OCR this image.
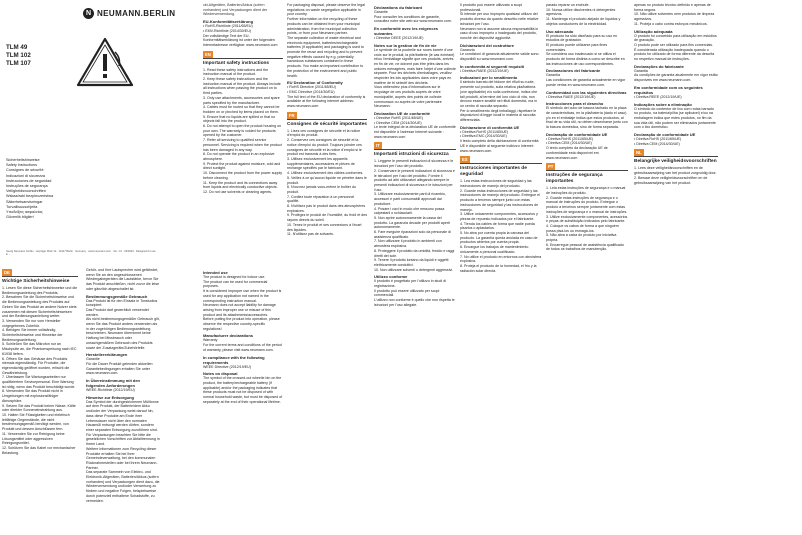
N NEUMANN.BERLIN
TLM 49
TLM 102
TLM 107
Sicherheitshinweise
Safety instructions
Consignes de sécurité
Indicazioni di sicurezza
Instrucciones de seguridad
Instruções de segurança
Veiligheidsvoorschriften
Wskazówki bezpieczeństwa
Säkerhetsanvisningar
Turvallisuusohjeita
Υποδείξεις ασφαλείας
Güvenlik bilgileri
Georg Neumann GmbH · Leipziger Platz 12 · 10117 Berlin · Germany · www.neumann.com · Ver. 1.0 · 03/2023 · Designed for use in ...
DE
Wichtige Sicherheitshinweise
1. Lesen Sie diese Sicherheitshinweise und die Bedienungsanleitung des Produkts.
2. Bewahren Sie die Sicherheitshinweise und die Bedienungsanleitung des Produkts auf. Geben Sie das Produkt an andere Nutzer stets zusammen mit diesen Sicherheitshinweisen und der Bedienungsanleitung weiter.
3. Verwenden Sie nur vom Hersteller vorgegebenes Zubehör.
4. Befolgen Sie immer vollständig Sicherheitshinweise und Hinweise der Bedienungsanleitung.
5. Schließen Sie das Mikrofon nur an Mischpulte an, die Phantomspeisung nach IEC 61938 liefern.
6. Öffnen Sie das Gehäuse des Produkts niemals eigenständig. Für Produkte, die eigenmächtig geöffnet wurden, erlischt die Gewährleistung.
7. Überlassen Sie Wartungsarbeiten nur qualifiziertem Servicepersonal. Eine Wartung ist nötig, wenn das Produkt beschädigt wurde.
8. Verwenden Sie das Produkt nicht in Umgebungen mit explosionsfähiger Atmosphäre.
9. Setzen Sie das Produkt keiner Nässe, Kälte oder direkter Sonneneinstrahlung aus.
10. Halten Sie Flüssigkeiten und elektrisch leitfähige Gegenstände, die nicht bestimmungsgemäß benötigt werden, von Produkt und dessen Anschlüssen fern.
11. Verwenden Sie zur Reinigung keine Lösungsmittel oder aggressiven Reinigungsmittel.
12. Schützen Sie das Kabel vor mechanischer Belastung.
Gehör- und Ihre Lautsprecher wird gefährdet, wenn Sie an den angeschlossenen Wiedergabegeräten die Lautstärke, bevor Sie das Produkt anschließen, nicht zuvor die leise oder gänzlich abgeschaltet ist.
Bestimmungsgemäße Gebrauch
Das Produkt ist für den Einsatz in Tonstudios konzipiert.
Das Produkt darf gewerblich verwendet werden.
Als nicht bestimmungsgemäßer Gebrauch gilt, wenn Sie das Produkt anders verwenden als in der zugehörigen Bedienungsanleitung beschrieben. Neumann übernimmt keine Haftung bei Missbrauch oder unsachgemäßem Gebrauch des Produkts sowie der Zusatzgeräte/Zubehörteile.
Herstellererklärungen
Garantie
Für die Dauer Produkt gelenden aktuellen Garantiebedingungen erhalten Sie unter www.neumann.com.
In Übereinstimmung mit den folgenden Anforderungen
WEEE-Richtlinie (2012/19/EU)
Hinweise zur Entsorgung
Das Symbol der durchgestrichenen Mülltonne auf dem Produkt, der Batterie/dem Akku und/oder der Verpackung weist darauf hin, dass diese Produkte am Ende ihrer Lebensdauer nicht über den normalen Hausmüll entsorgt werden dürfen, sondern einer separaten Entsorgung zuzuführen sind. Für Verpackungen beachten Sie bitte die gesetzlichen Vorschriften zur Abfalltrennung in Ihrem Land.
Weitere Informationen zum Recycling dieser Produkte erhalten Sie bei Ihrer Gemeindeverwaltung, bei den kommunalen Rücknahmestellen oder bei Ihrem Neumann-Partner.
Das separate Sammeln von Elektro- und Elektronik-Altgeräten, Batterien/Akkus (sofern vorhanden) und Verpackungen dient dazu, die Wiederverwendung und/oder Verwertung zu fördern und negative Folgen, beispielsweise durch potenziell enthaltene Schadstoffe, zu vermeiden.
ckt-Altgeräten, Batterien/Akkus (sofern vorhanden) und Verpackungen dient der Wiederverwendung.
EU-Konformitätserklärung
• RoHS-Richtlinie (2011/65/EU)
• EMV-Richtlinie (2014/30/EU)
Der vollständige Text der EU-Konformitätserklärung ist unter der folgenden Internetadresse verfügbar: www.neumann.com
EN
Important safety instructions
1. Read these safety instructions and the instruction manual of the product.
2. Keep these safety instructions and the instruction manual of the product. Always include all instructions when passing the product on to third parties.
3. Only use attachments, accessories and spare parts specified by the manufacturer.
4. Cables must be routed so that they cannot be trodden on or pinched by items placed on them.
5. Ensure that no liquids are spilled or that no objects fall into the product.
6. Do not attempt to open the product housing on your own. The warranty is voided for products opened by the customer.
7. Refer all servicing to qualified service personnel. Servicing is required when the product has been damaged in any way.
8. Do not operate the product in an explosive atmosphere.
9. Protect the product against moisture, cold and direct sunlight.
10. Disconnect the product from the power supply before cleaning.
11. Keep the product and its connections away from liquids and electrically conductive objects.
12. Do not use solvents or cleaning agents.
Intended use
The product is designed for indoor use.
The product can be used for commercial purposes.
It is considered improper use when the product is used for any application not named in the corresponding instruction manual.
Neumann does not accept liability for damage arising from improper use or misuse of this product and its attachments/accessories.
Before putting the product into operation, please observe the respective country-specific regulations!
Manufacturer declarations
Warranty
For the current terms and conditions of the period of warranty, please visit www.neumann.com.
In compliance with the following requirements
WEEE Directive (2012/19/EU)
Notes on disposal
The symbol of the crossed-out wheelie bin on the product, the battery/rechargeable battery (if applicable) and/or the packaging indicates that these products must not be disposed of with normal household waste, but must be disposed of separately at the end of their operational lifetime.
For packaging disposal, please observe the legal regulations on waste segregation applicable in your country.
Further information on the recycling of these products can be obtained from your municipal administration, from the municipal collection points, or from your Neumann partner.
The separate collection of waste electrical and electronic equipment, batteries/rechargeable batteries (if applicable) and packaging is used to promote the reuse and recycling and to prevent negative effects caused by e.g. potentially hazardous substances contained in these products. You make an important contribution to the protection of the environment and public health.
EU Declaration of Conformity
• RoHS Directive (2011/65/EU)
• EMC Directive (2014/30/EU)
The full text of the EU declaration of conformity is available at the following internet address: www.neumann.com
FR
Consignes de sécurité importantes
1. Lisez ces consignes de sécurité et la notice d'emploi du produit.
2. Conservez ces consignes de sécurité et la notice d'emploi du produit. Toujours joindre ces consignes de sécurité et la notice d'emploi si le produit est transmis à des tiers.
3. Utilisez exclusivement les appareils supplémentaires, accessoires et pièces de rechange spécifiés par le fabricant.
4. Utilisez exclusivement des câbles conformes.
5. Veillez à ce qu'aucun liquide ne pénètre dans le produit.
6. N'ouvrez jamais vous-même le boîtier du produit.
7. Confiez toute réparation à un personnel qualifié.
8. N'utilisez pas le produit dans des atmosphères explosives.
9. Protégez le produit de l'humidité, du froid et des rayons directs du soleil.
10. Tenez le produit et ses connexions à l'écart des liquides.
11. N'utilisez pas de solvants.
Déclarations du fabricant
Garantie
Pour consulter les conditions de garantie, consultez notre site web sur www.neumann.com.
En conformité avec les exigences suivantes
• Directive DEEE (2012/19/UE)
Notes sur la gestion de fin de vie
Le symbole de la poubelle sur roues barrée d'une croix sur le produit, la pile/batterie (le cas échéant) et/ou l'emballage signifie que ces produits, arrivés en fin de vie, ne doivent pas être jetés dans les ordures ménagères, mais faire l'objet d'une collecte séparée. Pour les déchets d'emballages, veuillez respecter les lois applicables dans votre pays en matière de tri sélectif des déchets.
Vous obtiendrez plus d'informations sur le recyclage de ces produits auprès de votre municipalité, auprès des points de collecte communaux ou auprès de votre partenaire Neumann.
Déclaration UE de conformité
• Directive RoHS (2011/65/UE)
• Directive CEM (2014/30/UE)
Le texte intégral de la déclaration UE de conformité est disponible à l'adresse Internet suivante : www.neumann.com
IT
Importanti istruzioni di sicurezza
1. Leggere le presenti indicazioni di sicurezza e le istruzioni per l'uso del prodotto.
2. Conservare le presenti indicazioni di sicurezza e le istruzioni per l'uso del prodotto. Fornire il prodotto ad altri utilizzatori allegando sempre le presenti indicazioni di sicurezza e le istruzioni per l'uso.
3. Utilizzare esclusivamente parti di ricambio, accessori e parti consumabili approvati dal produttore.
4. Posare i cavi in modo che nessuno possa calpestarli o schiacciarli.
5. Non aprire autonomamente la cassa del prodotto. La garanzia decade per prodotti aperti autonomamente.
6. Fare eseguire riparazioni solo da personale di assistenza qualificato.
7. Non utilizzare il prodotto in ambienti con atmosfera esplosiva.
8. Proteggere il prodotto da umidità, freddo e raggi diretti del sole.
9. Tenere il prodotto lontano da liquidi e oggetti elettricamente conduttivi.
10. Non utilizzare solventi o detergenti aggressivi.
Utilizzo conforme
Il prodotto è progettato per l'utilizzo in studi di registrazione.
Il prodotto può essere utilizzato per scopi commerciali.
L'utilizzo non conforme è quello che non rispetta le istruzioni per l'uso allegate.
Il prodotto può essere utilizzato a scopi professionali.
Si intende per uso improprio qualsiasi utilizzo del prodotto diverso da quanto descritto nelle relative istruzioni per l'uso.
Neumann non si assume alcuna responsabilità in caso di uso improprio o inadeguato del prodotto, nonché dei dispositivi aggiuntivi.
Dichiarazioni del costruttore
Garanzia
Le condizioni di garanzia attualmente valide sono disponibili su www.neumann.com.
In conformità ai seguenti requisiti
• Direttiva RAEE (2012/19/UE)
Indicazioni per lo smaltimento
Il simbolo barrato del bidone dei rifiuti su ruote, presente sul prodotto, sulla relativa pila/batteria (ove applicabile) e/o sulla confezione, indica che tali prodotti, al termine del loro ciclo di vita, non devono essere smaltiti nei rifiuti domestici, ma in un centro di raccolta separato.
Per lo smaltimento degli imballaggi, rispettare le disposizioni di legge locali in materia di raccolta differenziata.
Dichiarazione di conformità UE
• Direttiva RoHS (2011/65/UE)
• Direttiva EMC (2014/30/UE)
Il testo completo della dichiarazione di conformità UE è disponibile al seguente indirizzo Internet: www.neumann.com
ES
Instrucciones importantes de seguridad
1. Lea estas instrucciones de seguridad y las instrucciones de manejo del producto.
2. Guarde estas instrucciones de seguridad y las instrucciones de manejo del producto. Entregue el producto a terceros siempre junto con estas instrucciones de seguridad y las instrucciones de manejo.
3. Utilice únicamente componentes, accesorios y piezas de repuesto indicados por el fabricante.
4. Tienda los cables de forma que nadie pueda pisarlos o aplastarlos.
5. No abra por cuenta propia la carcasa del producto. La garantía queda anulada en caso de productos abiertos por cuenta propia.
6. Encargue los trabajos de mantenimiento únicamente a personal cualificado.
7. No utilice el producto en entornos con atmósfera explosiva.
8. Proteja el producto de la humedad, el frío y la radiación solar directa.
parado reparar un enchufe.
10. Nunca utilice disolventes ni detergentes agresivos.
11. Mantenga el producto alejado de líquidos y objetos conductores de la electricidad.
Uso adecuado
El producto ha sido diseñado para su uso en estudios de grabación.
El producto puede utilizarse para fines comerciales.
Se considera uso inadecuado si se utiliza el producto de forma distinta a como se describe en las instrucciones de uso correspondientes.
Declaraciones del fabricante
Garantía
Las condiciones de garantía actualmente en vigor puede verlas en www.neumann.com.
Conformidad con las siguientes directivas
• Directiva RAEE (2012/19/UE)
Instrucciones para el desecho
El símbolo del cubo de basura tachado en la placa de características, en la pila/batería (dado el caso) y/o en el embalaje indica que estos productos, al final de su vida útil, no deben desecharse junto con la basura doméstica, sino de forma separada.
Declaração de conformidade UE
• Diretiva RoHS (2011/65/UE)
• Diretiva CEM (2014/30/UE)
O texto completo da declaração UE de conformidade está disponível em www.neumann.com
PT
Instruções de segurança importantes
1. Leia estas instruções de segurança e o manual de instruções do produto.
2. Guarde estas instruções de segurança e o manual de instruções do produto. Entregue o produto a terceiros sempre juntamente com estas instruções de segurança e o manual de instruções.
3. Utilize exclusivamente componentes, acessórios e peças de substituição indicados pelo fabricante.
4. Coloque os cabos de forma a que ninguém possa pisá-los ou esmagá-los.
5. Não abra a caixa do produto por iniciativa própria.
6. Encarregue pessoal de assistência qualificado de todos os trabalhos de manutenção.
apenas no produto técnico definido e apenas de forma segura.
10. Não utilize solventes nem produtos de limpeza agressivos.
11. Proteja o cabo contra esforços mecânicos.
Utilização adequada
O produto foi concebido para utilização em estúdios de gravação.
O produto pode ser utilizado para fins comerciais.
É considerada utilização inadequada quando o produto for utilizado de forma diferente da descrita no respetivo manual de instruções.
Declarações do fabricante
Garantia
As condições de garantia atualmente em vigor estão disponíveis em www.neumann.com.
Em conformidade com os seguintes requisitos
• Diretiva REEE (2012/19/UE)
Indicações sobre a eliminação
O símbolo do contentor de lixo com rodas barrado no produto, na bateria/pilha (se aplicável) e/ou na embalagem indica que estes produtos, no fim da sua vida útil, não podem ser eliminados juntamente com o lixo doméstico.
Declaração de conformidade UE
• Diretiva RoHS (2011/65/UE)
• Diretiva CEM (2014/30/UE)
NL
Belangrijke veiligheidsvoorschriften
1. Lees deze veiligheidsvoorschriften en de gebruiksaanwijzing van het product zorgvuldig door.
2. Bewaar deze veiligheidsvoorschriften en de gebruiksaanwijzing van het product.
